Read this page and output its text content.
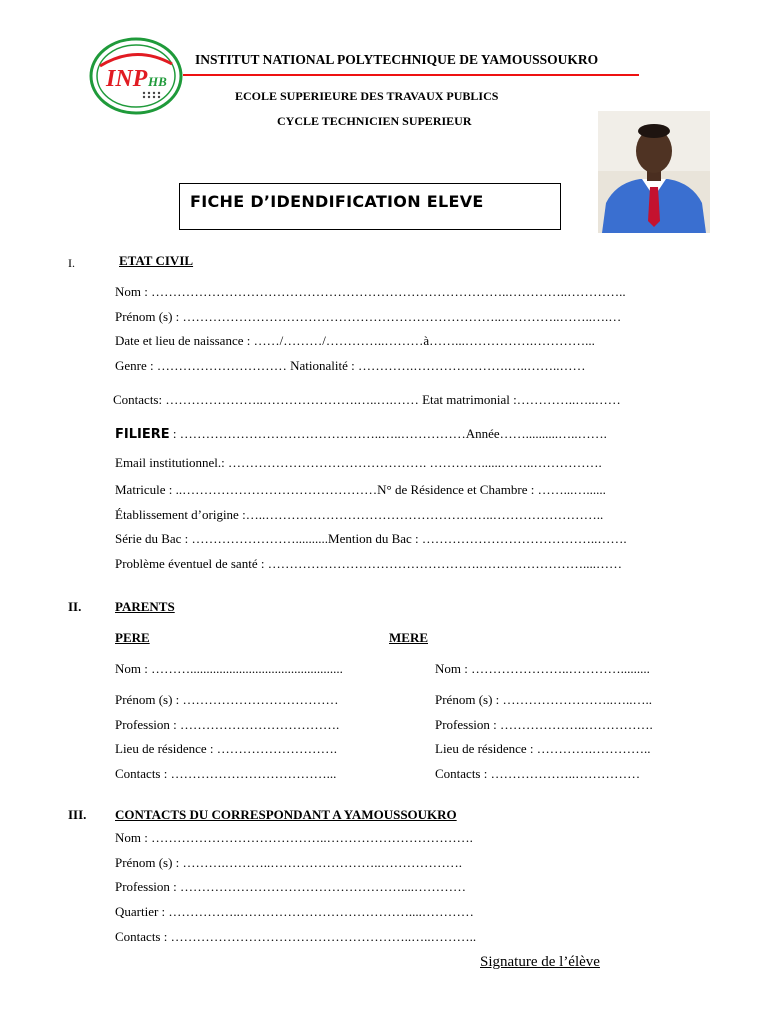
INP HB
INSTITUT NATIONAL POLYTECHNIQUE DE YAMOUSSOUKRO
ECOLE SUPERIEURE DES TRAVAUX PUBLICS
CYCLE TECHNICIEN SUPERIEUR
FICHE D’IDENDIFICATION ELEVE
I.	ETAT CIVIL
Nom : ………………………………………………………………………..…………..…………..
Prénom (s) : ………………………………………………………………..…………..……..….…
Date et lieu de naissance : ……/………/…………..………à……...…………….…………...
Genre : ………………………… Nationalité : ………….………………….…..……..……
Contacts: …………………..………………….…..….…… Etat matrimonial :…………..…..……
FILIERE : ………………………………………..…..……………Année……..........…..…….
Email institutionnel.: ………………………………………. …………......……..…………….
Matricule : ..………………………………………N° de Résidence et Chambre : ……...…......
Établissement d’origine :…..……………………………………………..……………………..
Série du Bac : ……………………..........Mention du Bac : …………………………………..…….
Problème éventuel de santé : ………………………………………….……………………....……
II.	PARENTS
PERE	MERE
Nom : ………...............................................	Nom : …………………..………….........
Prénom (s) : ………………………………	Prénom (s) : ……………………..…..…..
Profession : ……………………………….	Profession : ………………..…………….
Lieu de résidence : ……………………….	Lieu de résidence : ………….…………..
Contacts : ………………………………...	Contacts : ………………..……………
III. CONTACTS DU CORRESPONDANT A YAMOUSSOUKRO
Nom : …………………………………..…………………………….
Prénom (s) : ……….………..……………………..……………….
Profession : ……………………………………………....…………
Quartier : ……………..…………………………………....…………
Contacts : ………………………………………………..…..………..
Signature de l’élève
